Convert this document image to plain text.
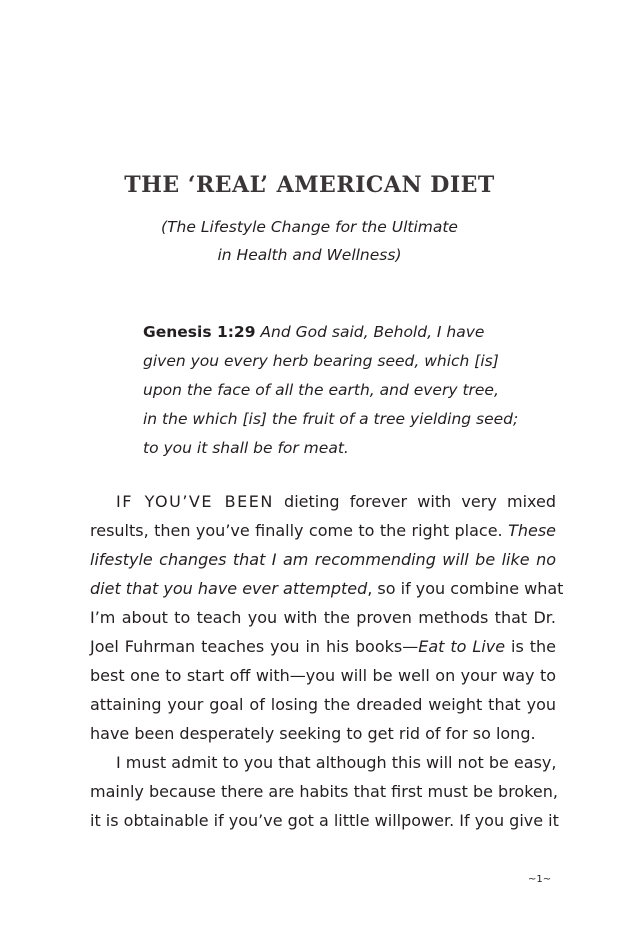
THE ‘REAL’ AMERICAN DIET

(The Lifestyle Change for the Ultimate
in Health and Wellness)

Genesis 1:29 And God said, Behold, I have
given you every herb bearing seed, which [is]
upon the face of all the earth, and every tree,
in the which [is] the fruit of a tree yielding seed;
to you it shall be for meat.
IF YOU’VE BEEN dieting forever with very mixed
results, then you’ve finally come to the right place. These
lifestyle changes that I am recommending will be like no
diet that you have ever attempted, so if you combine what
I’m about to teach you with the proven methods that Dr.
Joel Fuhrman teaches you in his books—Eat to Live is the
best one to start off with—you will be well on your way to
attaining your goal of losing the dreaded weight that you
have been desperately seeking to get rid of for so long.
I must admit to you that although this will not be easy,
mainly because there are habits that first must be broken,
it is obtainable if you’ve got a little willpower. If you give it
~1~
